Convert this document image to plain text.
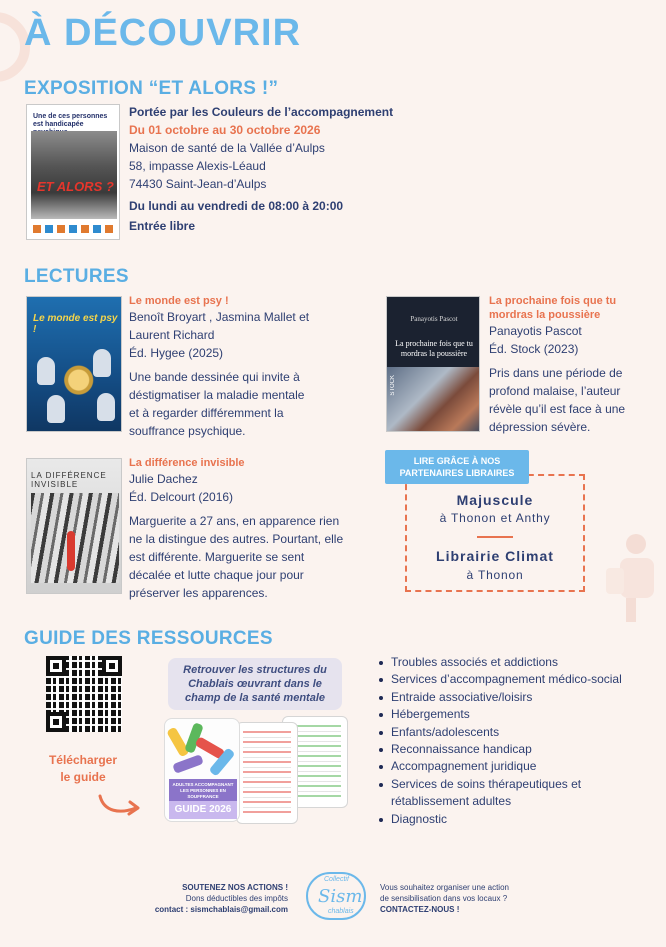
À DÉCOUVRIR
EXPOSITION “ET ALORS !”
Une de ces personnes est handicapée
ET ALORS ?
Portée par les Couleurs de l’accompagnement
Du 01 octobre au 30 octobre 2026
Maison de santé de la Vallée d’Aulps
58, impasse Alexis-Léaud
74430 Saint-Jean-d’Aulps
Du lundi au vendredi de 08:00 à 20:00
Entrée libre
LECTURES
Le monde est psy !
Le monde est psy !
Benoît Broyart , Jasmina Mallet et
Laurent Richard
Éd. Hygee (2025)
Une bande dessinée qui invite à
déstigmatiser la maladie mentale
et à regarder différemment la
souffrance psychique.
LA DIFFÉRENCE INVISIBLE
La différence invisible
Julie Dachez
Éd. Delcourt (2016)
Marguerite a 27 ans, en apparence rien
ne la distingue des autres. Pourtant, elle
est différente. Marguerite se sent
décalée et lutte chaque jour pour
préserver les apparences.
Panayotis Pascot
La prochaine fois que tu mordras la poussière
STOCK
La prochaine fois que tu
mordras la poussière
Panayotis Pascot
Éd. Stock (2023)
Pris dans une période de
profond malaise, l’auteur
révèle qu’il est face à une
dépression sévère.
Majuscule
à Thonon et Anthy
Librairie Climat
à Thonon
LIRE GRÂCE À NOS
PARTENAIRES LIBRAIRES
GUIDE DES RESSOURCES
Télécharger
le guide
Retrouver les structures du
Chablais œuvrant dans le
champ de la santé mentale
ADULTES ACCOMPAGNANT LES PERSONNES EN SOUFFRANCE
GUIDE 2026
Troubles associés et addictions
Services d’accompagnement médico-social
Entraide associative/loisirs
Hébergements
Enfants/adolescents
Reconnaissance handicap
Accompagnement juridique
Services de soins thérapeutiques et rétablissement adultes
Diagnostic
SOUTENEZ NOS ACTIONS !
Dons déductibles des impôts
contact : sismchablais@gmail.com
Collectif
Sism
chablais
Vous souhaitez organiser une action
de sensibilisation dans vos locaux ?
CONTACTEZ-NOUS !
